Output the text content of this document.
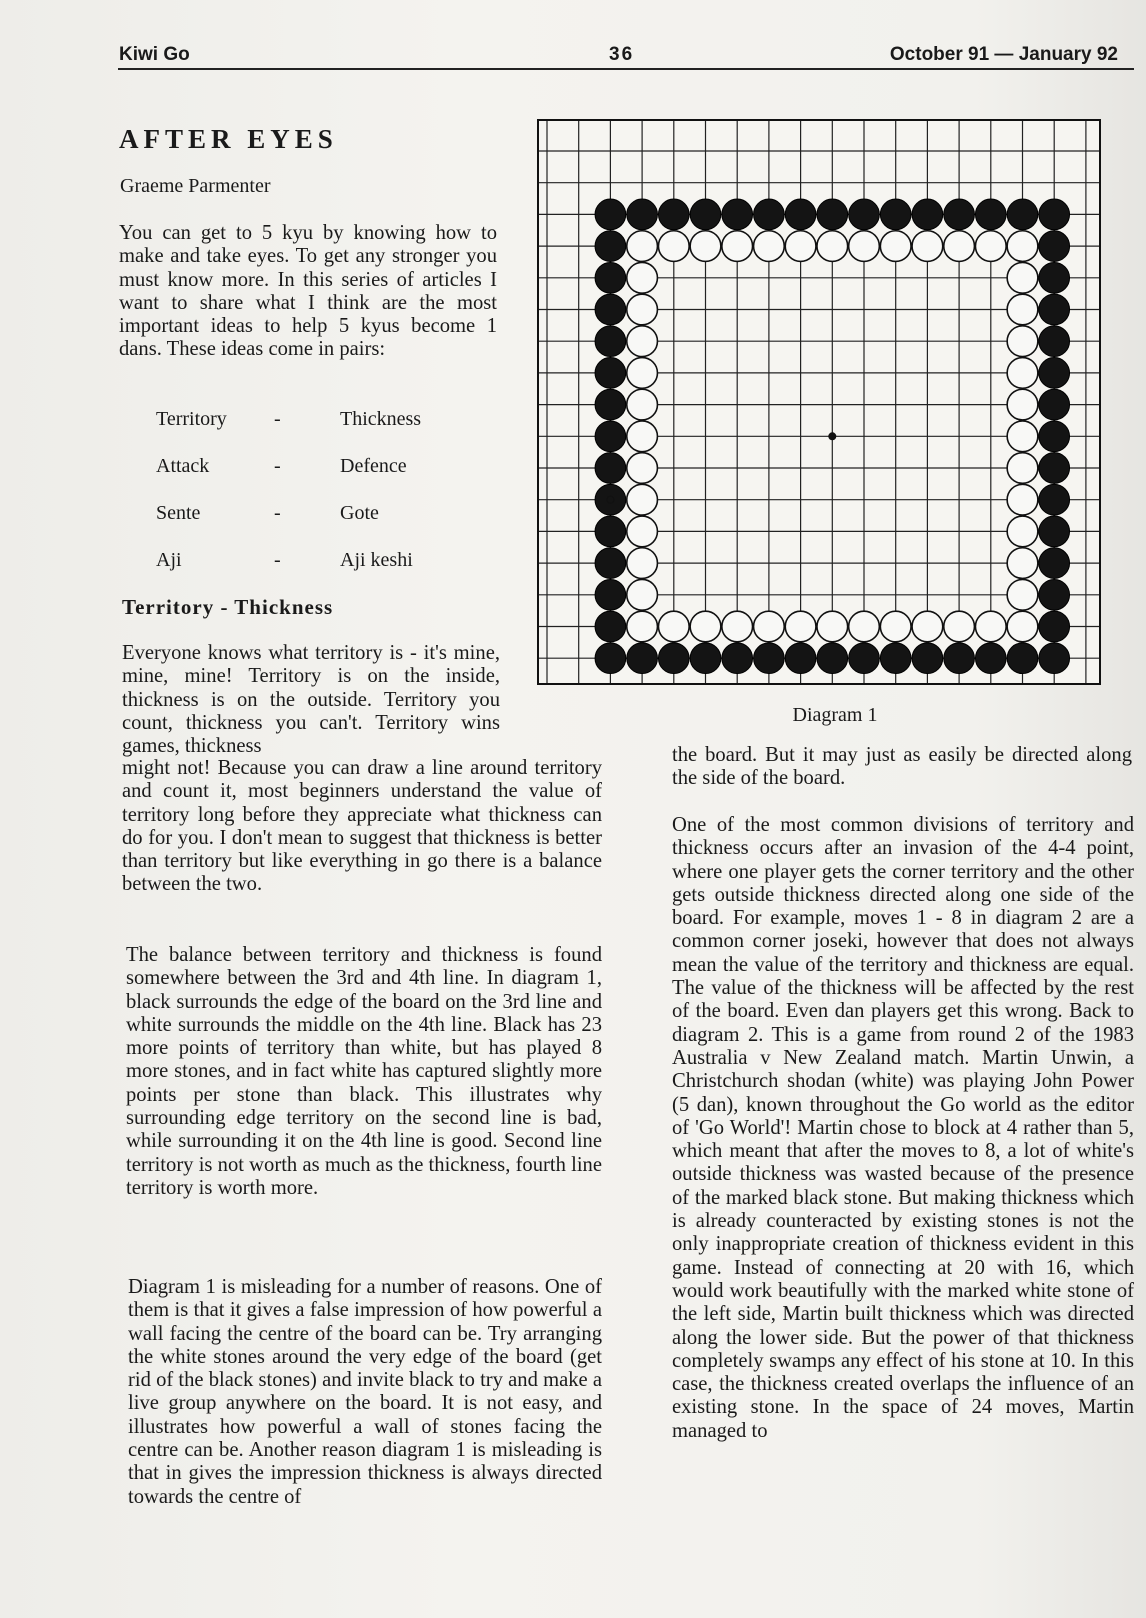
Kiwi Go	36	October 91 — January 92
AFTER EYES
Graeme Parmenter

You can get to 5 kyu by knowing how to make and take eyes. To get any stronger you must know more. In this series of articles I want to share what I think are the most important ideas to help 5 kyus become 1 dans. These ideas come in pairs:

Territory -	Thickness
Attack	-	Defence
Sente	-	Gote
Aji	-	Aji keshi
Territory - Thickness

Everyone knows what territory is - it's mine, mine, mine! Territory is on the inside, thickness is on the outside. Territory you count, thickness you can't. Territory wins games, thickness

might not! Because you can draw a line around territory and count it, most beginners understand the value of territory long before they appreciate what thickness can do for you. I don't mean to suggest that thickness is better than territory but like everything in go there is a balance between the two.

The balance between territory and thickness is found somewhere between the 3rd and 4th line. In diagram 1, black surrounds the edge of the board on the 3rd line and white surrounds the middle on the 4th line. Black has 23 more points of territory than white, but has played 8 more stones, and in fact white has captured slightly more points per stone than black. This illustrates why surrounding edge territory on the second line is bad, while surrounding it on the 4th line is good. Second line territory is not worth as much as the thickness, fourth line territory is worth more.

Diagram 1 is misleading for a number of reasons. One of them is that it gives a false impression of how powerful a wall facing the centre of the board can be. Try arranging the white stones around the very edge of the board (get rid of the black stones) and invite black to try and make a live group anywhere on the board. It is not easy, and illustrates how powerful a wall of stones facing the centre can be. Another reason diagram 1 is misleading is that in gives the impression thickness is always directed towards the centre of

Diagram 1

the board. But it may just as easily be directed along the side of the board.

One of the most common divisions of territory and thickness occurs after an invasion of the 4-4 point, where one player gets the corner territory and the other gets outside thickness directed along one side of the board. For example, moves 1 - 8 in diagram 2 are a common corner joseki, however that does not always mean the value of the territory and thickness are equal. The value of the thickness will be affected by the rest of the board. Even dan players get this wrong. Back to diagram 2. This is a game from round 2 of the 1983 Australia v New Zealand match. Martin Unwin, a Christchurch shodan (white) was playing John Power (5 dan), known throughout the Go world as the editor of 'Go World'! Martin chose to block at 4 rather than 5, which meant that after the moves to 8, a lot of white's outside thickness was wasted because of the presence of the marked black stone. But making thickness which is already counteracted by existing stones is not the only inappropriate creation of thickness evident in this game. Instead of connecting at 20 with 16, which would work beautifully with the marked white stone of the left side, Martin built thickness which was directed along the lower side. But the power of that thickness completely swamps any effect of his stone at 10. In this case, the thickness created overlaps the influence of an existing stone. In the space of 24 moves, Martin managed to
